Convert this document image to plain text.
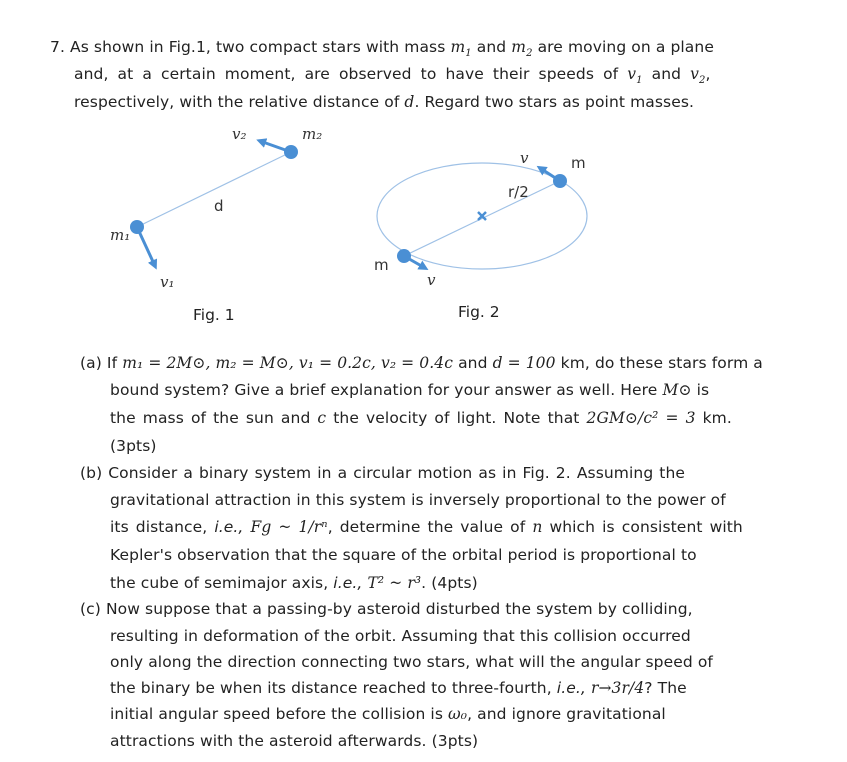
7. As shown in Fig.1, two compact stars with mass $m_1$ and $m_2$ are moving on a plane
and, at a certain moment, are observed to have their speeds of $v_1$ and $v_2$,
respectively, with the relative distance of d. Regard two stars as point masses.
v₂	m₂
d
m₁
v₁
v	m
r/2
m
v
Fig. 1	Fig. 2
(a) If m₁ = 2M⊙, m₂ = M⊙, v₁ = 0.2c, v₂ = 0.4c and d = 100 km, do these stars form a
bound system? Give a brief explanation for your answer as well. Here M⊙ is
the mass of the sun and c the velocity of light. Note that 2GM⊙/c² = 3 km.
(3pts)
(b) Consider a binary system in a circular motion as in Fig. 2. Assuming the
gravitational attraction in this system is inversely proportional to the power of
its distance, i.e., Fg ~ 1/rⁿ, determine the value of n which is consistent with
Kepler's observation that the square of the orbital period is proportional to
the cube of semimajor axis, i.e., T² ~ r³. (4pts)
(c) Now suppose that a passing-by asteroid disturbed the system by colliding,
resulting in deformation of the orbit. Assuming that this collision occurred
only along the direction connecting two stars, what will the angular speed of
the binary be when its distance reached to three-fourth, i.e., r→3r/4? The
initial angular speed before the collision is ω₀, and ignore gravitational
attractions with the asteroid afterwards. (3pts)
